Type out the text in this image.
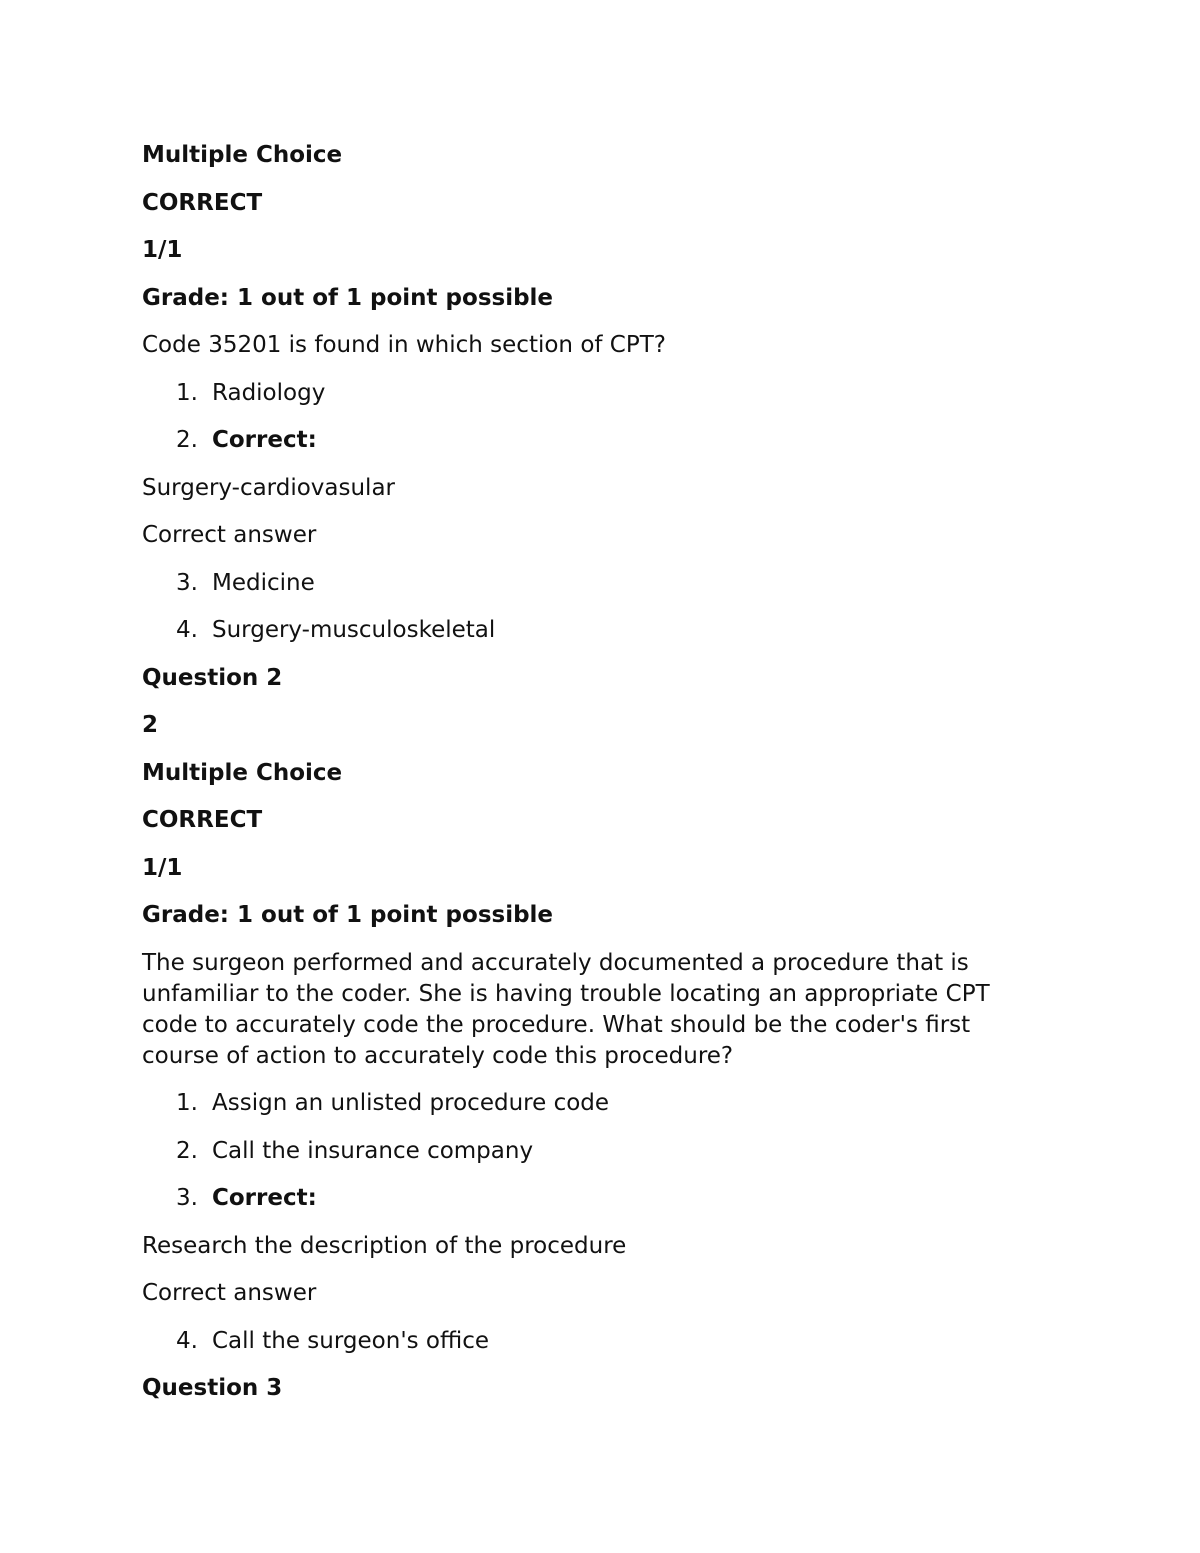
Multiple Choice
CORRECT
1/1
Grade: 1 out of 1 point possible
Code 35201 is found in which section of CPT?
1. Radiology
2. Correct:
Surgery-cardiovasular
Correct answer
3. Medicine
4. Surgery-musculoskeletal
Question 2
2
Multiple Choice
CORRECT
1/1
Grade: 1 out of 1 point possible
The surgeon performed and accurately documented a procedure that is unfamiliar to the coder. She is having trouble locating an appropriate CPT code to accurately code the procedure. What should be the coder's first course of action to accurately code this procedure?
1. Assign an unlisted procedure code
2. Call the insurance company
3. Correct:
Research the description of the procedure
Correct answer
4. Call the surgeon's office
Question 3
